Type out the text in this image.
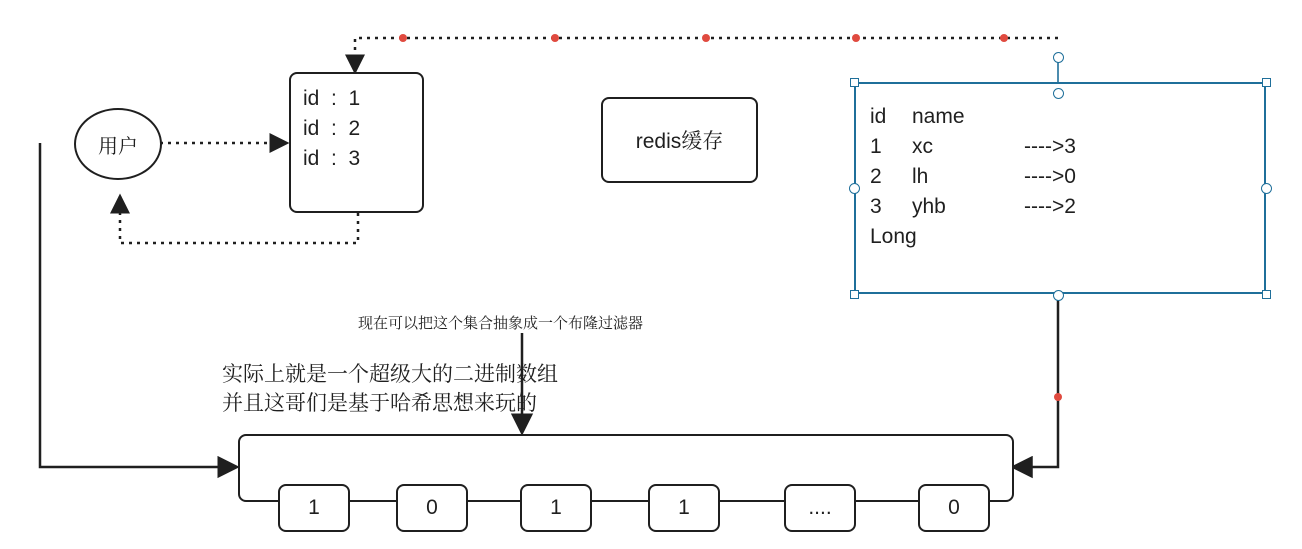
用户
id  :  1
id  :  2
id  :  3
redis缓存
id name
1 xc	---->3
2 lh	---->0
3 yhb	---->2
Long
现在可以把这个集合抽象成一个布隆过滤器
实际上就是一个超级大的二进制数组
并且这哥们是基于哈希思想来玩的
1	0	1	1	....	0
